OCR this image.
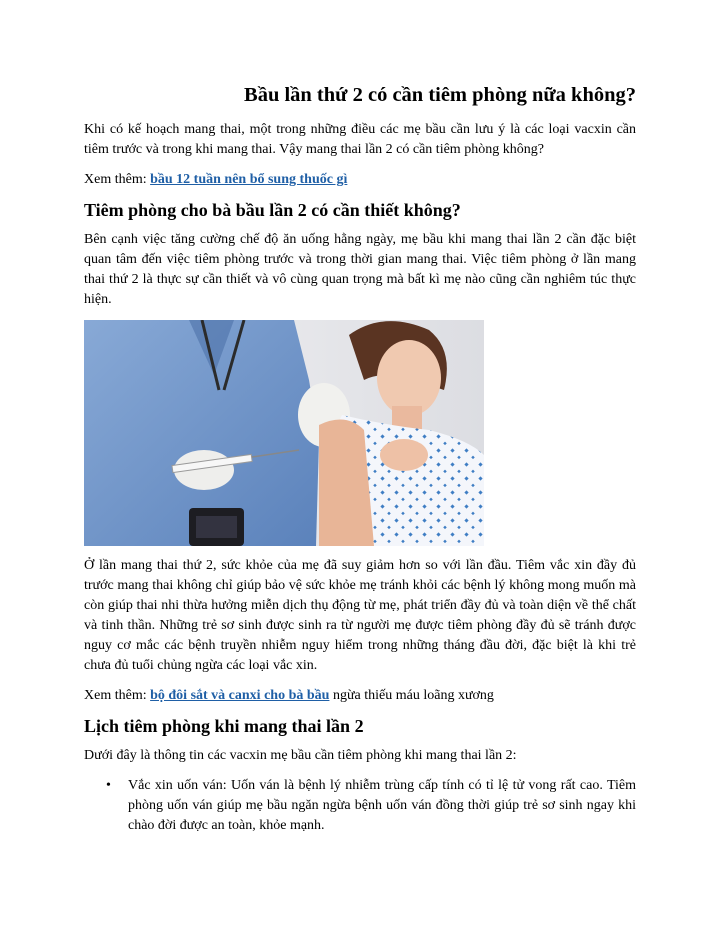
Bầu lần thứ 2 có cần tiêm phòng nữa không?

Khi có kế hoạch mang thai, một trong những điều các mẹ bầu cần lưu ý là các loại vacxin cần tiêm trước và trong khi mang thai. Vậy mang thai lần 2 có cần tiêm phòng không?

Xem thêm: bầu 12 tuần nên bổ sung thuốc gì

Tiêm phòng cho bà bầu lần 2 có cần thiết không?

Bên cạnh việc tăng cường chế độ ăn uống hằng ngày, mẹ bầu khi mang thai lần 2 cần đặc biệt quan tâm đến việc tiêm phòng trước và trong thời gian mang thai. Việc tiêm phòng ở lần mang thai thứ 2 là thực sự cần thiết và vô cùng quan trọng mà bất kì mẹ nào cũng cần nghiêm túc thực hiện.

Ở lần mang thai thứ 2, sức khỏe của mẹ đã suy giảm hơn so với lần đầu. Tiêm vắc xin đầy đủ trước mang thai không chỉ giúp bảo vệ sức khỏe mẹ tránh khỏi các bệnh lý không mong muốn mà còn giúp thai nhi thừa hưởng miễn dịch thụ động từ mẹ, phát triển đầy đủ và toàn diện về thể chất và tinh thần. Những trẻ sơ sinh được sinh ra từ người mẹ được tiêm phòng đầy đủ sẽ tránh được nguy cơ mắc các bệnh truyền nhiễm nguy hiểm trong những tháng đầu đời, đặc biệt là khi trẻ chưa đủ tuổi chủng ngừa các loại vắc xin.

Xem thêm: bộ đôi sắt và canxi cho bà bầu ngừa thiếu máu loãng xương

Lịch tiêm phòng khi mang thai lần 2

Dưới đây là thông tin các vacxin mẹ bầu cần tiêm phòng khi mang thai lần 2:

• Vắc xin uốn ván: Uốn ván là bệnh lý nhiễm trùng cấp tính có tỉ lệ tử vong rất cao. Tiêm phòng uốn ván giúp mẹ bầu ngăn ngừa bệnh uốn ván đồng thời giúp trẻ sơ sinh ngay khi chào đời được an toàn, khỏe mạnh.
